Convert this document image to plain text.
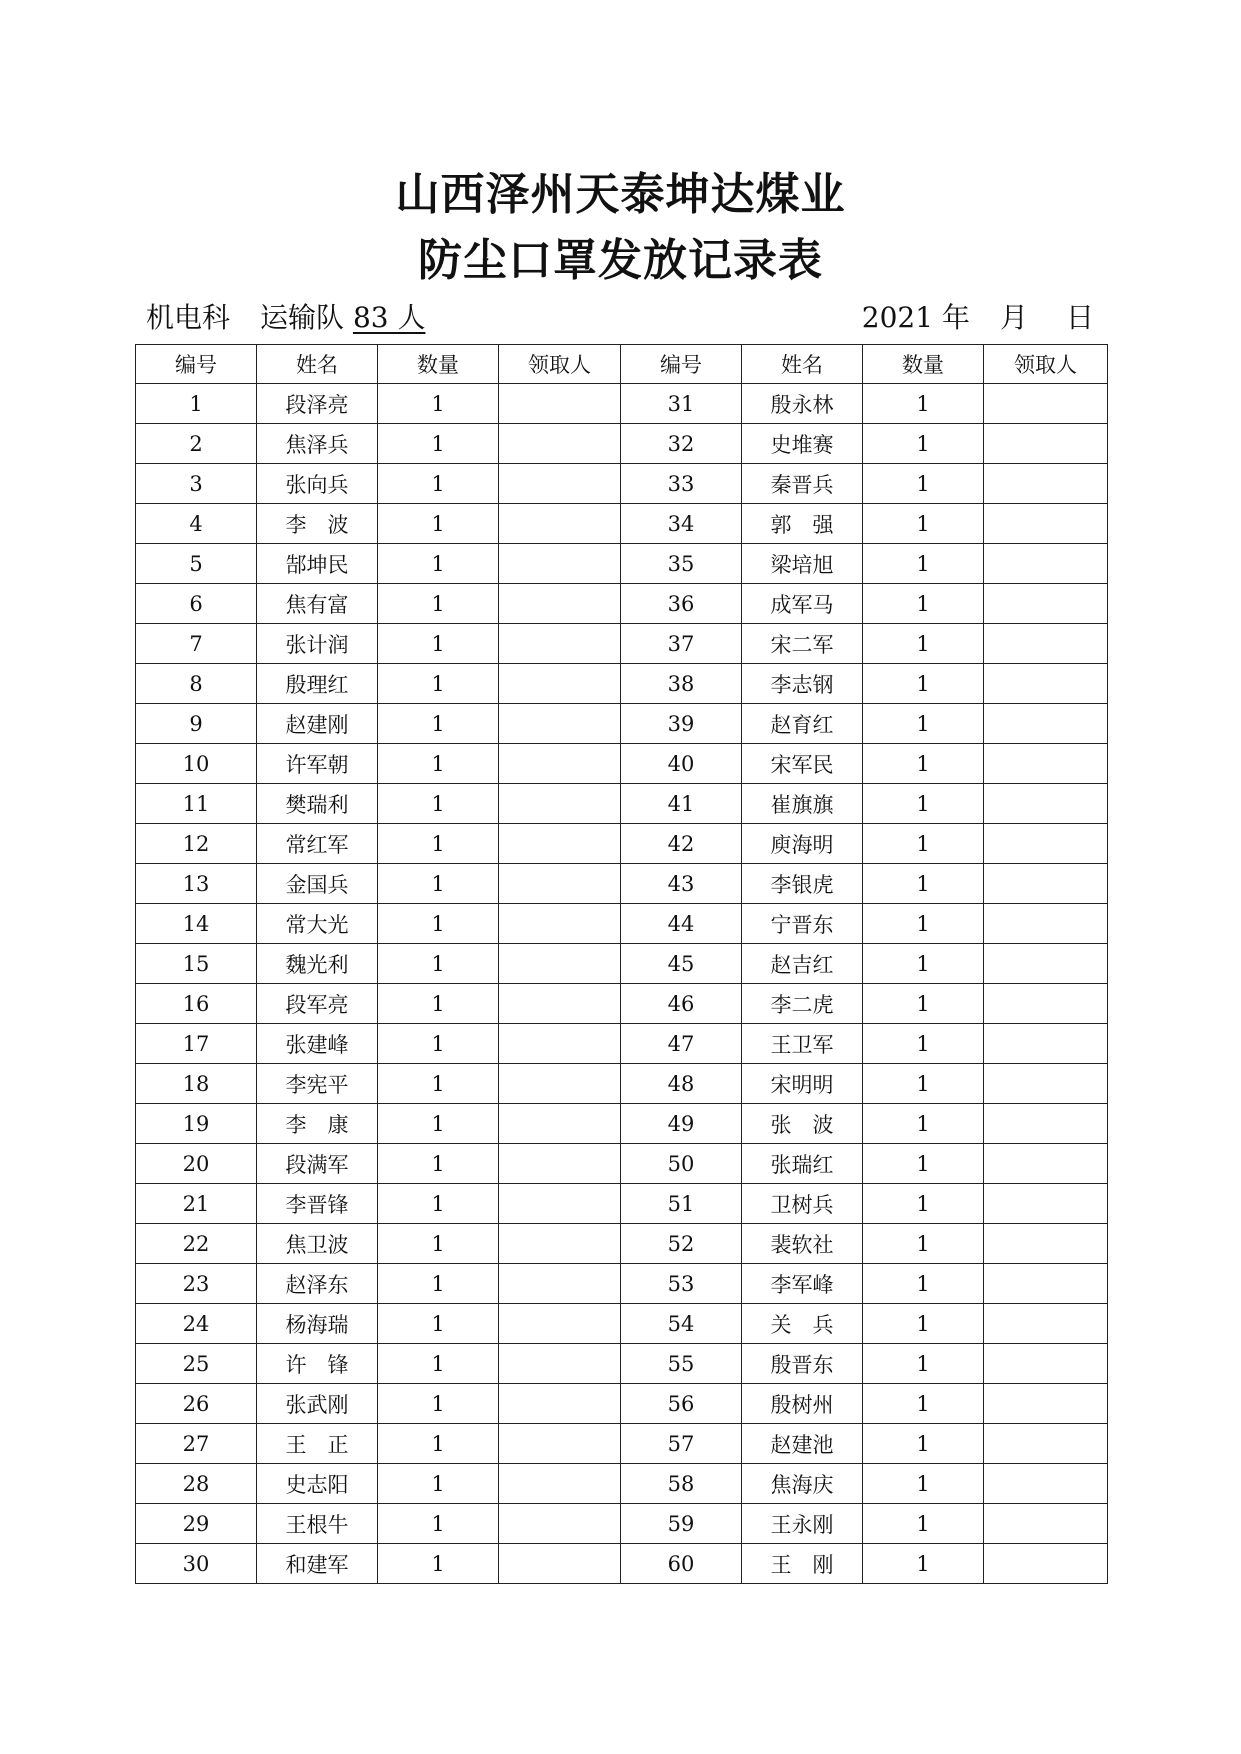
山西泽州天泰坤达煤业
防尘口罩发放记录表
机电科 运输队 83 人	2021 年 月 日
编号	姓名	数量	领取人	编号	姓名	数量	领取人
1	段泽亮	1		31	殷永林	1	
2	焦泽兵	1		32	史堆赛	1	
3	张向兵	1		33	秦晋兵	1	
4	李　波	1		34	郭　强	1	
5	郜坤民	1		35	梁培旭	1	
6	焦有富	1		36	成军马	1	
7	张计润	1		37	宋二军	1	
8	殷理红	1		38	李志钢	1	
9	赵建刚	1		39	赵育红	1	
10	许军朝	1		40	宋军民	1	
11	樊瑞利	1		41	崔旗旗	1	
12	常红军	1		42	庾海明	1	
13	金国兵	1		43	李银虎	1	
14	常大光	1		44	宁晋东	1	
15	魏光利	1		45	赵吉红	1	
16	段军亮	1		46	李二虎	1	
17	张建峰	1		47	王卫军	1	
18	李宪平	1		48	宋明明	1	
19	李　康	1		49	张　波	1	
20	段满军	1		50	张瑞红	1	
21	李晋锋	1		51	卫树兵	1	
22	焦卫波	1		52	裴软社	1	
23	赵泽东	1		53	李军峰	1	
24	杨海瑞	1		54	关　兵	1	
25	许　锋	1		55	殷晋东	1	
26	张武刚	1		56	殷树州	1	
27	王　正	1		57	赵建池	1	
28	史志阳	1		58	焦海庆	1	
29	王根牛	1		59	王永刚	1	
30	和建军	1		60	王　刚	1	
